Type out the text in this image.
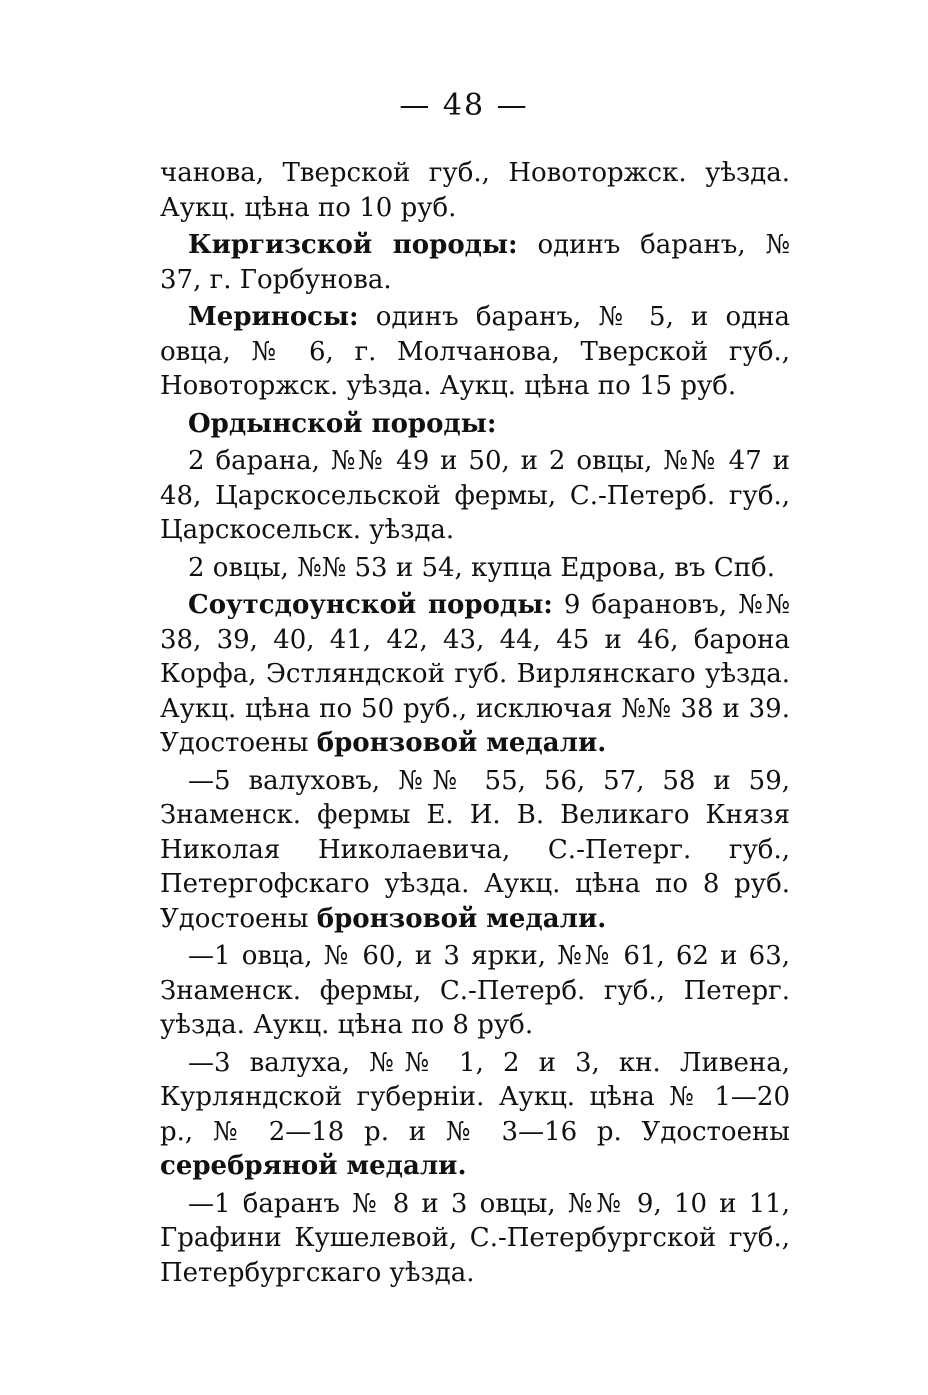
— 48 —

чанова, Тверской губ., Новоторжск. уѣзда. Аукц. цѣна по 10 руб.

Киргизской породы: одинъ баранъ, № 37, г. Горбунова.

Мериносы: одинъ баранъ, № 5, и одна овца, № 6, г. Молчанова, Тверской губ., Новоторжск. уѣзда. Аукц. цѣна по 15 руб.

Ордынской породы:

2 барана, №№ 49 и 50, и 2 овцы, №№ 47 и 48, Царскосельской фермы, С.-Петерб. губ., Царскосельск. уѣзда.

2 овцы, №№ 53 и 54, купца Едрова, въ Спб.

Соутсдоунской породы: 9 барановъ, №№ 38, 39, 40, 41, 42, 43, 44, 45 и 46, барона Корфа, Эстляндской губ. Вирлянскаго уѣзда. Аукц. цѣна по 50 руб., исключая №№ 38 и 39. Удостоены бронзовой медали.

—5 валуховъ, №№ 55, 56, 57, 58 и 59, Знаменск. фермы Е. И. В. Великаго Князя Николая Николаевича, С.-Петерг. губ., Петергофскаго уѣзда. Аукц. цѣна по 8 руб. Удостоены бронзовой медали.

—1 овца, № 60, и 3 ярки, №№ 61, 62 и 63, Знаменск. фермы, С.-Петерб. губ., Петерг. уѣзда. Аукц. цѣна по 8 руб.

—3 валуха, №№ 1, 2 и 3, кн. Ливена, Курляндской губерніи. Аукц. цѣна № 1—20 р., № 2—18 р. и № 3—16 р. Удостоены серебряной медали.

—1 баранъ № 8 и 3 овцы, №№ 9, 10 и 11, Графини Кушелевой, С.-Петербургской губ., Петербургскаго уѣзда.
